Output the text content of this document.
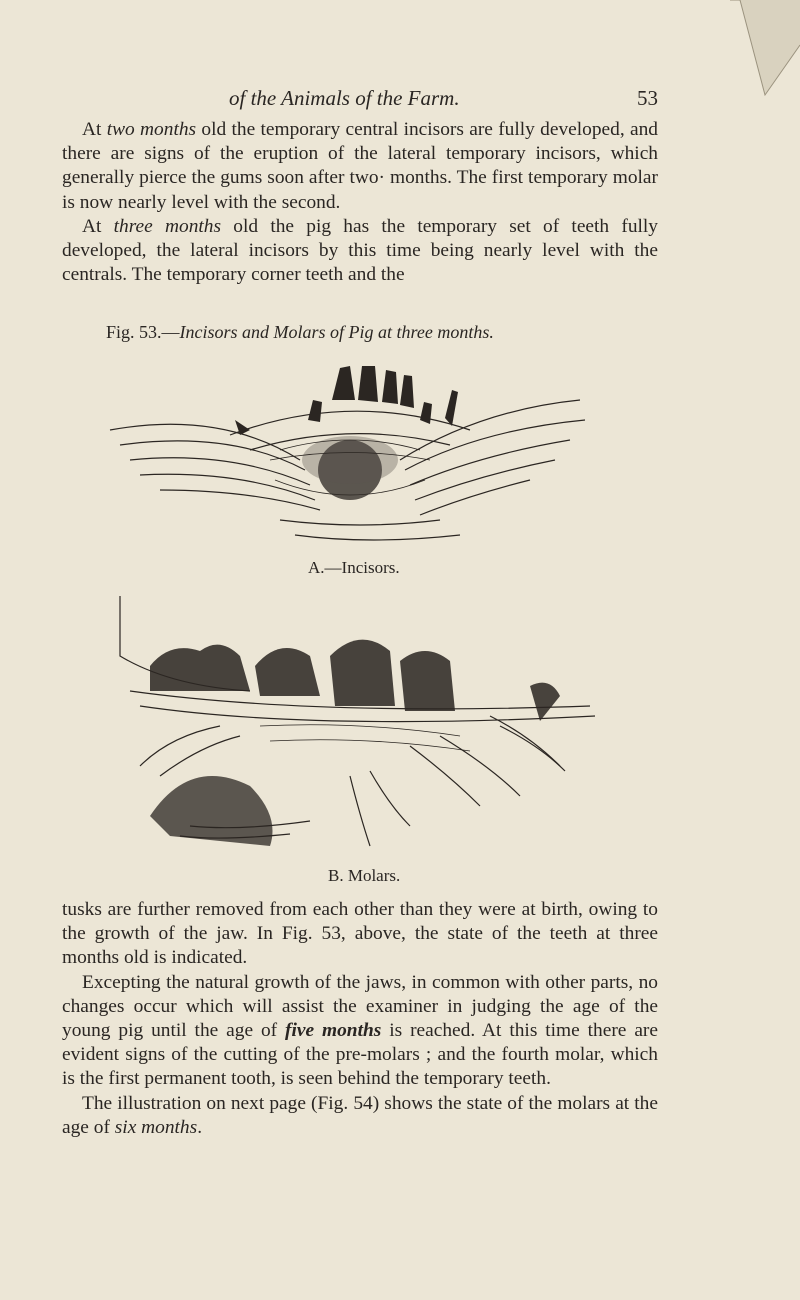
of the Animals of the Farm.	53

At two months old the temporary central incisors are fully developed, and there are signs of the eruption of the lateral temporary incisors, which generally pierce the gums soon after two· months. The first temporary molar is now nearly level with the second.

At three months old the pig has the temporary set of teeth fully developed, the lateral incisors by this time being nearly level with the centrals. The temporary corner teeth and the

Fig. 53.—Incisors and Molars of Pig at three months.
A.—Incisors.
B. Molars.

tusks are further removed from each other than they were at birth, owing to the growth of the jaw. In Fig. 53, above, the state of the teeth at three months old is indicated.

Excepting the natural growth of the jaws, in common with other parts, no changes occur which will assist the examiner in judging the age of the young pig until the age of five months is reached. At this time there are evident signs of the cutting of the pre-molars ; and the fourth molar, which is the first permanent tooth, is seen behind the temporary teeth.

The illustration on next page (Fig. 54) shows the state of the molars at the age of six months.
